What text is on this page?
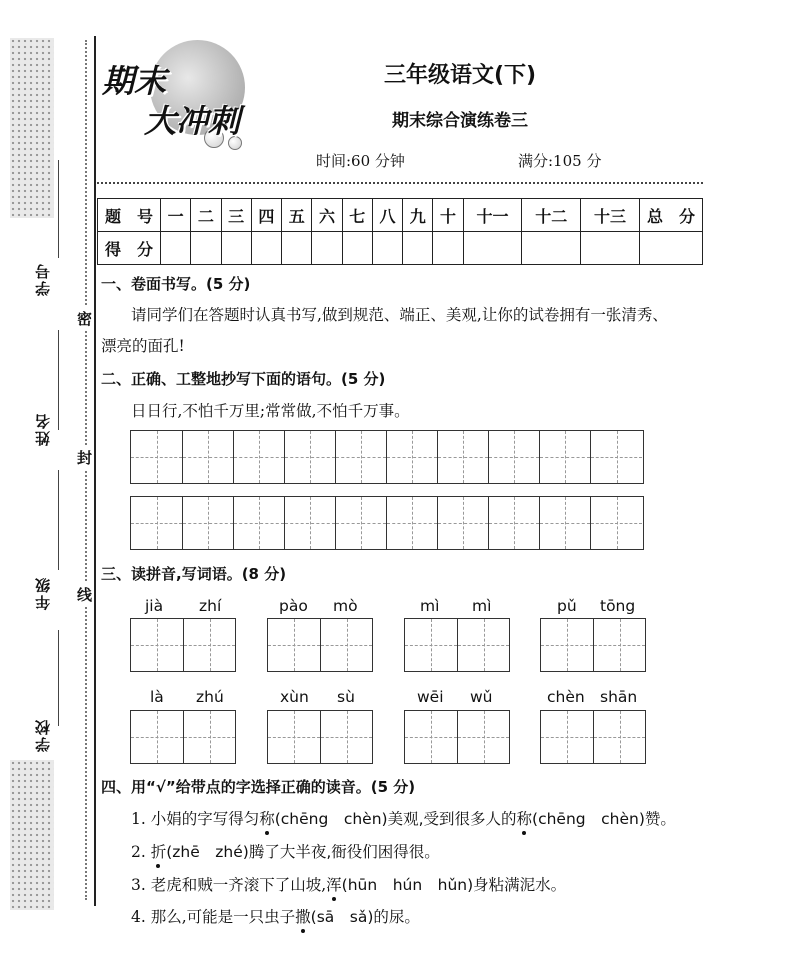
学号
姓名
年级
学校
密
封
线
期末
大冲刺
三年级语文(下)
期末综合演练卷三
时间:60 分钟	满分:105 分
题　号	一	二	三	四	五	六	七	八	九	十	十一	十二	十三	总　分
得　分														
一、卷面书写。(5 分)
请同学们在答题时认真书写,做到规范、端正、美观,让你的试卷拥有一张清秀、
漂亮的面孔!
二、正确、工整地抄写下面的语句。(5 分)
日日行,不怕千万里;常常做,不怕千万事。
三、读拼音,写词语。(8 分)
jià zhí	pào mò	mì mì	pǔ tōng
là zhú	xùn sù	wēi wǔ	chèn shān
四、用“√”给带点的字选择正确的读音。(5 分)
1. 小娟的字写得匀称(chēng　chèn)美观,受到很多人的称(chēng　chèn)赞。
2. 折(zhē　zhé)腾了大半夜,衙役们困得很。
3. 老虎和贼一齐滚下了山坡,浑(hūn　hún　hǔn)身粘满泥水。
4. 那么,可能是一只虫子撒(sā　sǎ)的尿。
